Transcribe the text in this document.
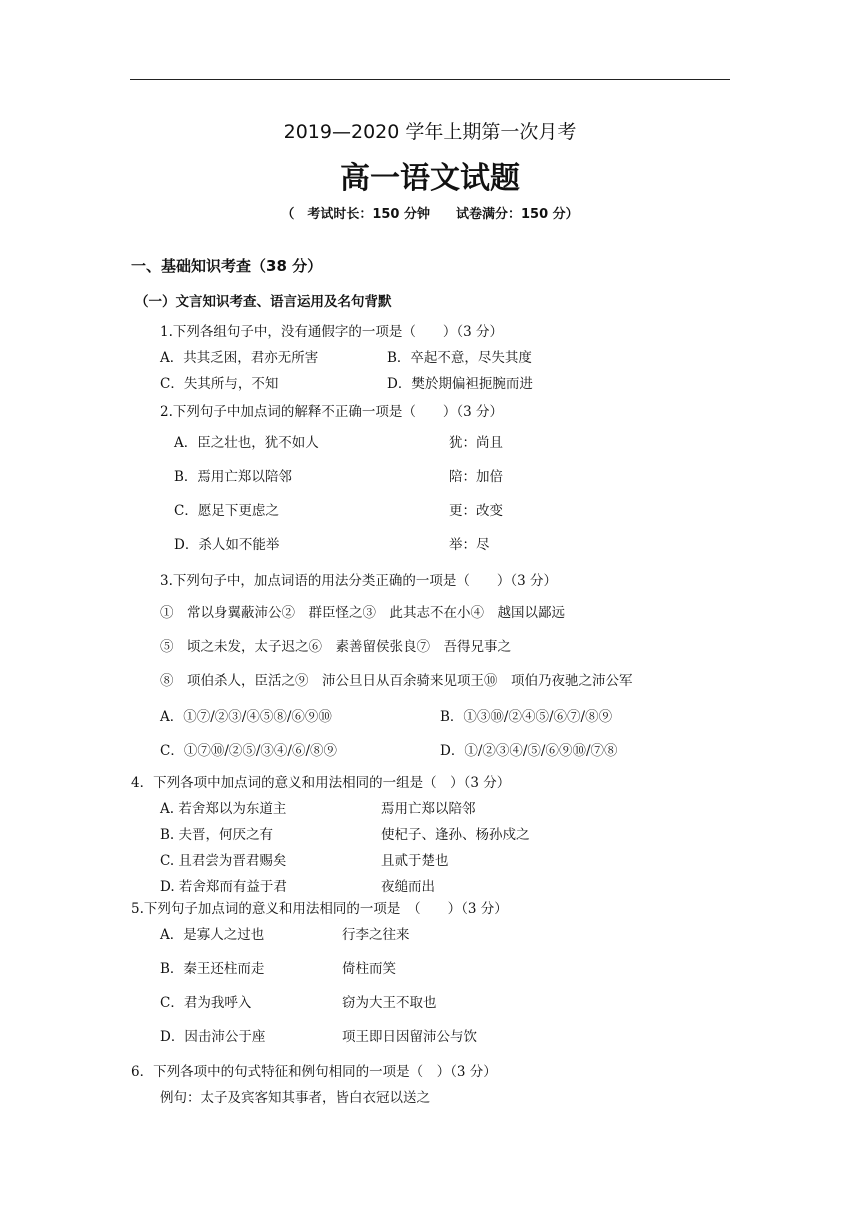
2019—2020 学年上期第一次月考
高一语文试题
（　考试时长：150 分钟　　试卷满分：150 分）
一、基础知识考查（38 分）
（一）文言知识考查、语言运用及名句背默
1.下列各组句子中，没有通假字的一项是（　　）（3 分）
A．共其乏困，君亦无所害	B．卒起不意，尽失其度
C．失其所与，不知	D．樊於期偏袒扼腕而进
2.下列句子中加点词的解释不正确一项是（　　）（3 分）
A．臣之壮也，犹不如人	犹：尚且
B．焉用亡郑以陪邻	陪：加倍
C．愿足下更虑之	更：改变
D．杀人如不能举	举：尽
3.下列句子中，加点词语的用法分类正确的一项是（　　）（3 分）
①　常以身翼蔽沛公②　群臣怪之③　此其志不在小④　越国以鄙远
⑤　顷之未发，太子迟之⑥　素善留侯张良⑦　吾得兄事之
⑧　项伯杀人，臣活之⑨　沛公旦日从百余骑来见项王⑩　项伯乃夜驰之沛公军
A．①⑦/②③/④⑤⑧/⑥⑨⑩	B．①③⑩/②④⑤/⑥⑦/⑧⑨
C．①⑦⑩/②⑤/③④/⑥/⑧⑨	D．①/②③④/⑤/⑥⑨⑩/⑦⑧
4．下列各项中加点词的意义和用法相同的一组是（　）（3 分）
A. 若舍郑以为东道主	焉用亡郑以陪邻
B. 夫晋，何厌之有	使杞子、逢孙、杨孙戍之
C. 且君尝为晋君赐矣	且贰于楚也
D. 若舍郑而有益于君	夜缒而出
5.下列句子加点词的意义和用法相同的一项是　（　　）（3 分）
A．是寡人之过也	行李之往来
B．秦王还柱而走	倚柱而笑
C．君为我呼入	窃为大王不取也
D．因击沛公于座	项王即日因留沛公与饮
6．下列各项中的句式特征和例句相同的一项是（　）（3 分）
例句：太子及宾客知其事者，皆白衣冠以送之
